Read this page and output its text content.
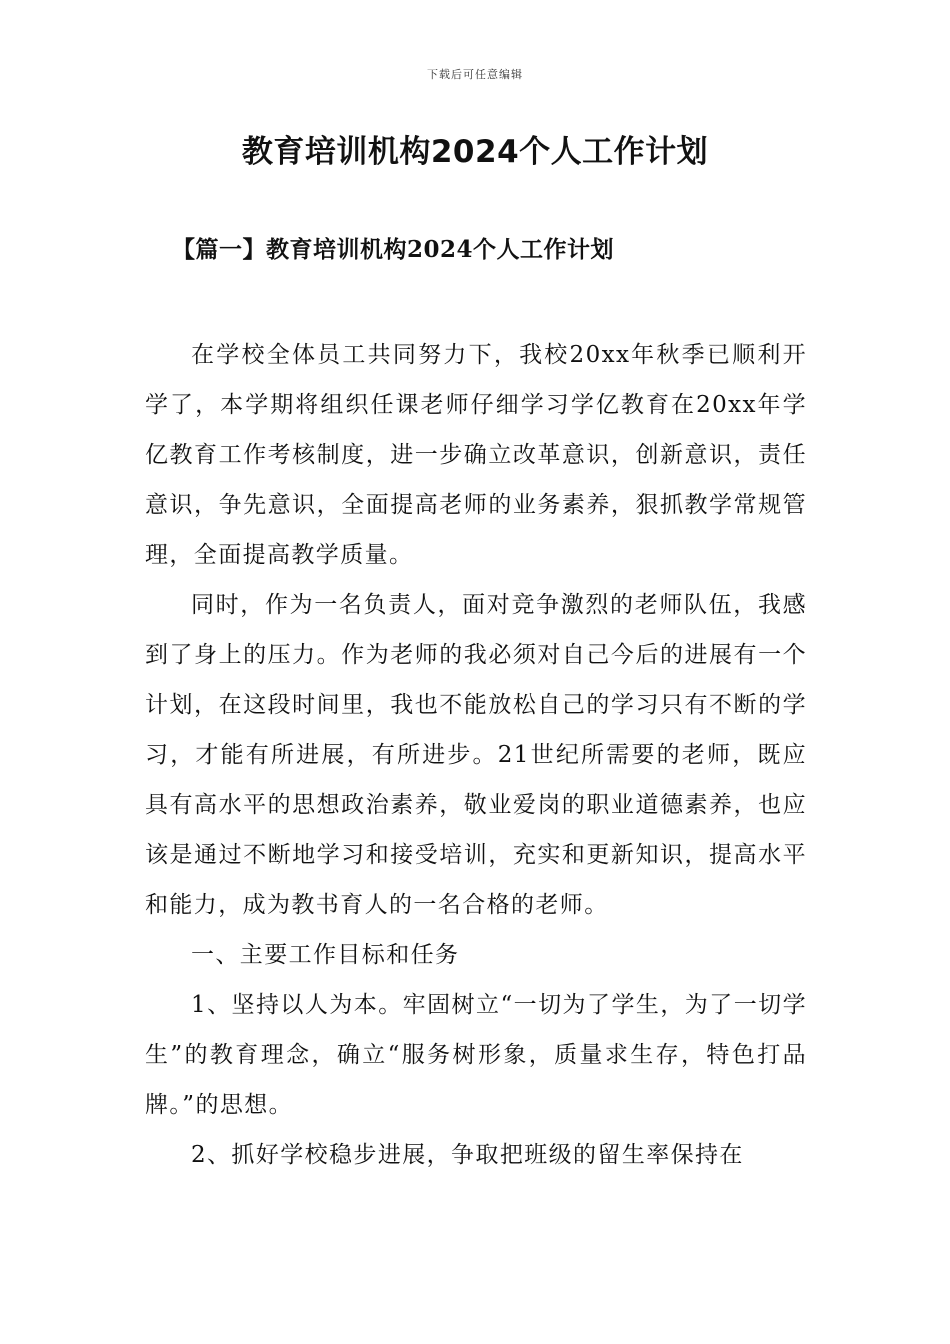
下载后可任意编辑
教育培训机构2024个人工作计划
【篇一】教育培训机构2024个人工作计划

在学校全体员工共同努力下，我校20xx年秋季已顺利开学了，本学期将组织任课老师仔细学习学亿教育在20xx年学亿教育工作考核制度，进一步确立改革意识，创新意识，责任意识，争先意识，全面提高老师的业务素养，狠抓教学常规管理，全面提高教学质量。

同时，作为一名负责人，面对竞争激烈的老师队伍，我感到了身上的压力。作为老师的我必须对自己今后的进展有一个计划，在这段时间里，我也不能放松自己的学习只有不断的学习，才能有所进展，有所进步。21世纪所需要的老师，既应具有高水平的思想政治素养，敬业爱岗的职业道德素养，也应该是通过不断地学习和接受培训，充实和更新知识，提高水平和能力，成为教书育人的一名合格的老师。

一、主要工作目标和任务

1、坚持以人为本。牢固树立“一切为了学生，为了一切学生”的教育理念，确立“服务树形象，质量求生存，特色打品牌。”的思想。

2、抓好学校稳步进展，争取把班级的留生率保持在
